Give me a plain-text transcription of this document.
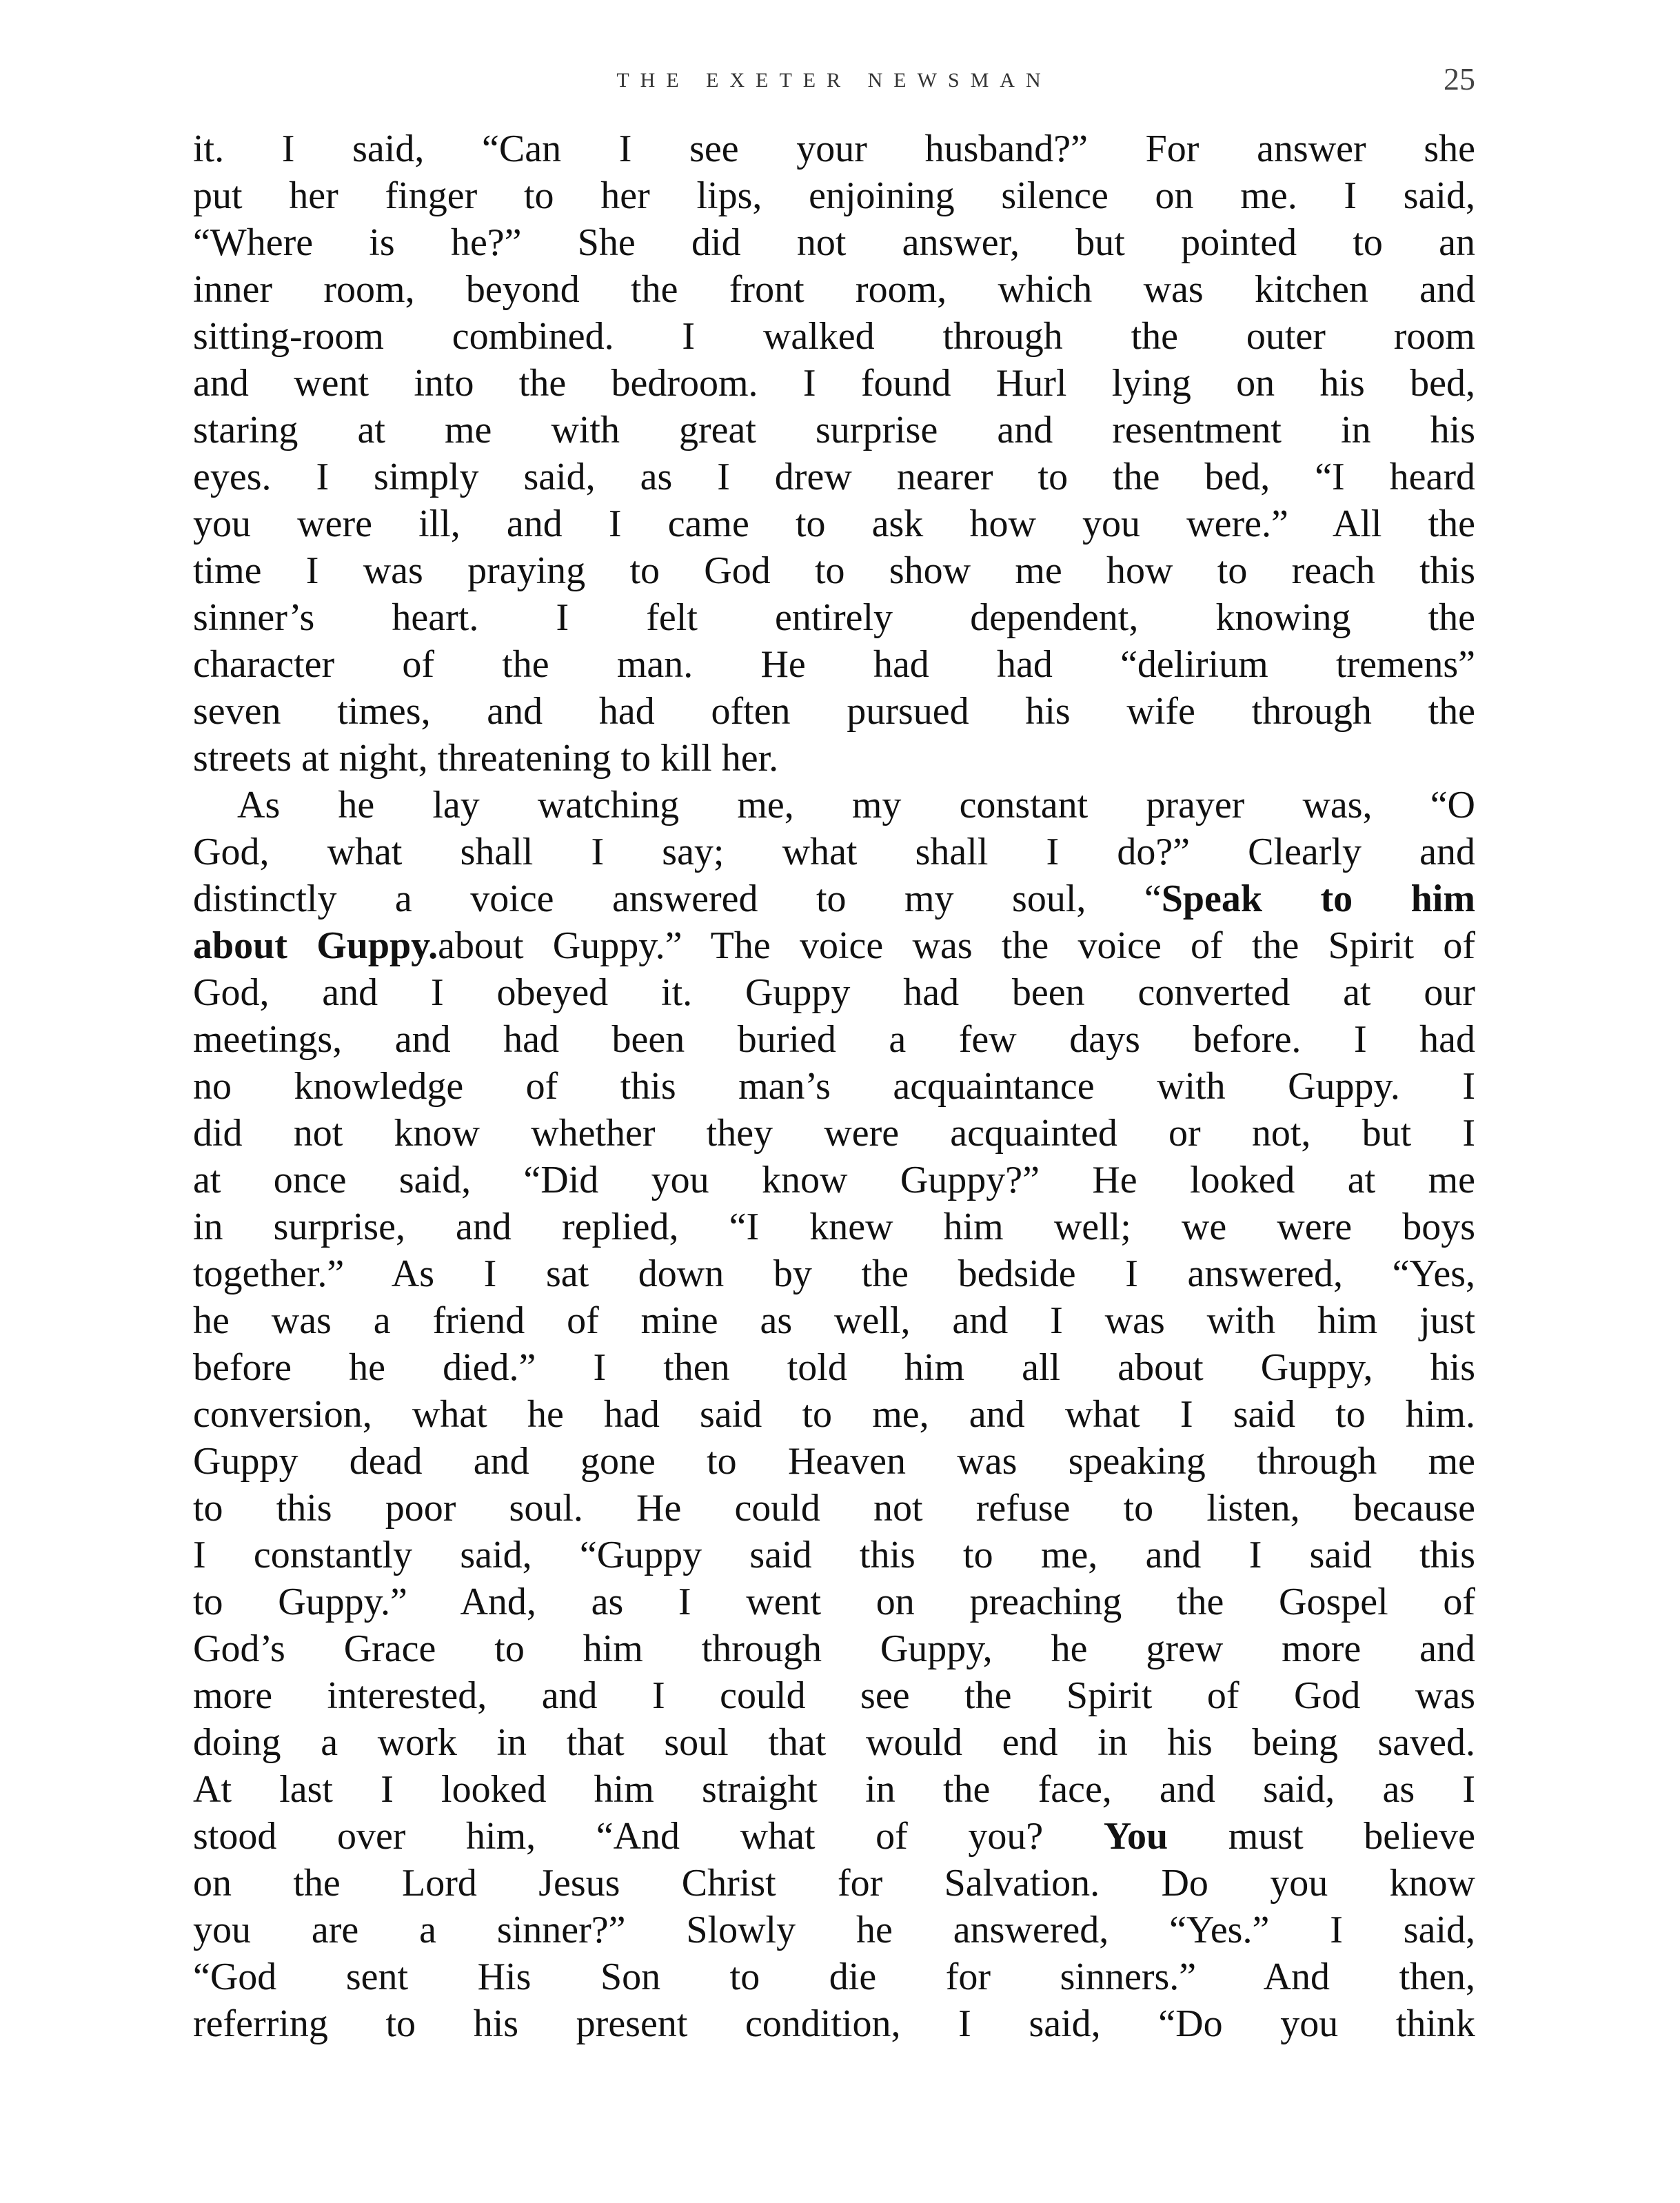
THE EXETER NEWSMAN	25
it. I said, “Can I see your husband?” For answer she
put her finger to her lips, enjoining silence on me. I said,
“Where is he?” She did not answer, but pointed to an
inner room, beyond the front room, which was kitchen and
sitting-room combined. I walked through the outer room
and went into the bedroom. I found Hurl lying on his bed,
staring at me with great surprise and resentment in his
eyes. I simply said, as I drew nearer to the bed, “I heard
you were ill, and I came to ask how you were.” All the
time I was praying to God to show me how to reach this
sinner’s heart. I felt entirely dependent, knowing the
character of the man. He had had “delirium tremens”
seven times, and had often pursued his wife through the
streets at night, threatening to kill her.
As he lay watching me, my constant prayer was, “O
God, what shall I say; what shall I do?” Clearly and
distinctly a voice answered to my soul, “Speak to him
about Guppy.about Guppy.” The voice was the voice of the Spirit of
God, and I obeyed it. Guppy had been converted at our
meetings, and had been buried a few days before. I had
no knowledge of this man’s acquaintance with Guppy. I
did not know whether they were acquainted or not, but I
at once said, “Did you know Guppy?” He looked at me
in surprise, and replied, “I knew him well; we were boys
together.” As I sat down by the bedside I answered, “Yes,
he was a friend of mine as well, and I was with him just
before he died.” I then told him all about Guppy, his
conversion, what he had said to me, and what I said to him.
Guppy dead and gone to Heaven was speaking through me
to this poor soul. He could not refuse to listen, because
I constantly said, “Guppy said this to me, and I said this
to Guppy.” And, as I went on preaching the Gospel of
God’s Grace to him through Guppy, he grew more and
more interested, and I could see the Spirit of God was
doing a work in that soul that would end in his being saved.
At last I looked him straight in the face, and said, as I
stood over him, “And what of you? You must believe
on the Lord Jesus Christ for Salvation. Do you know
you are a sinner?” Slowly he answered, “Yes.” I said,
“God sent His Son to die for sinners.” And then,
referring to his present condition, I said, “Do you think
